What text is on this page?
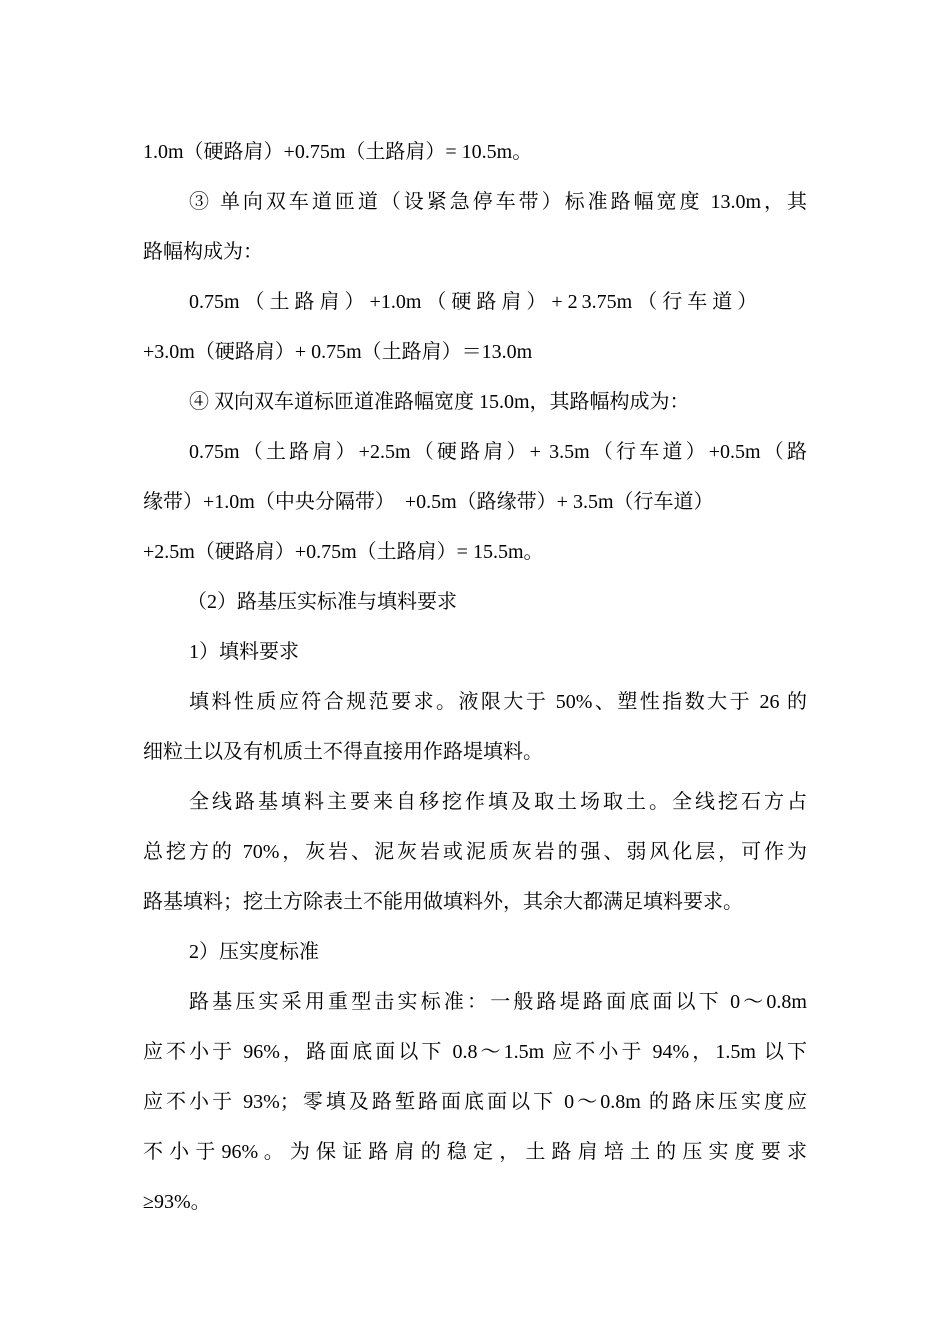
1.0m（硬路肩）+0.75m（土路肩）= 10.5m。
③ 单向双车道匝道（设紧急停车带）标准路幅宽度 13.0m，其
路幅构成为：
0.75m （ 土 路 肩 ） +1.0m （ 硬 路 肩 ） + 2 3.75m （ 行 车 道 ）
+3.0m（硬路肩）+ 0.75m（土路肩）＝13.0m
④ 双向双车道标匝道准路幅宽度 15.0m，其路幅构成为：
0.75m（土路肩）+2.5m（硬路肩）+ 3.5m（行车道）+0.5m（路
缘带）+1.0m（中央分隔带）  +0.5m（路缘带）+ 3.5m（行车道）
+2.5m（硬路肩）+0.75m（土路肩）= 15.5m。
（2）路基压实标准与填料要求
1）填料要求
填料性质应符合规范要求。液限大于 50%、塑性指数大于 26 的
细粒土以及有机质土不得直接用作路堤填料。
全线路基填料主要来自移挖作填及取土场取土。全线挖石方占
总挖方的 70%，灰岩、泥灰岩或泥质灰岩的强、弱风化层，可作为
路基填料；挖土方除表土不能用做填料外，其余大都满足填料要求。
2）压实度标准
路基压实采用重型击实标准：一般路堤路面底面以下 0～0.8m
应不小于 96%，路面底面以下 0.8～1.5m 应不小于 94%，1.5m 以下
应不小于 93%；零填及路堑路面底面以下 0～0.8m 的路床压实度应
不 小 于 96% 。 为 保 证 路 肩 的 稳 定 ， 土 路 肩 培 土 的 压 实 度 要 求
≥93%。
